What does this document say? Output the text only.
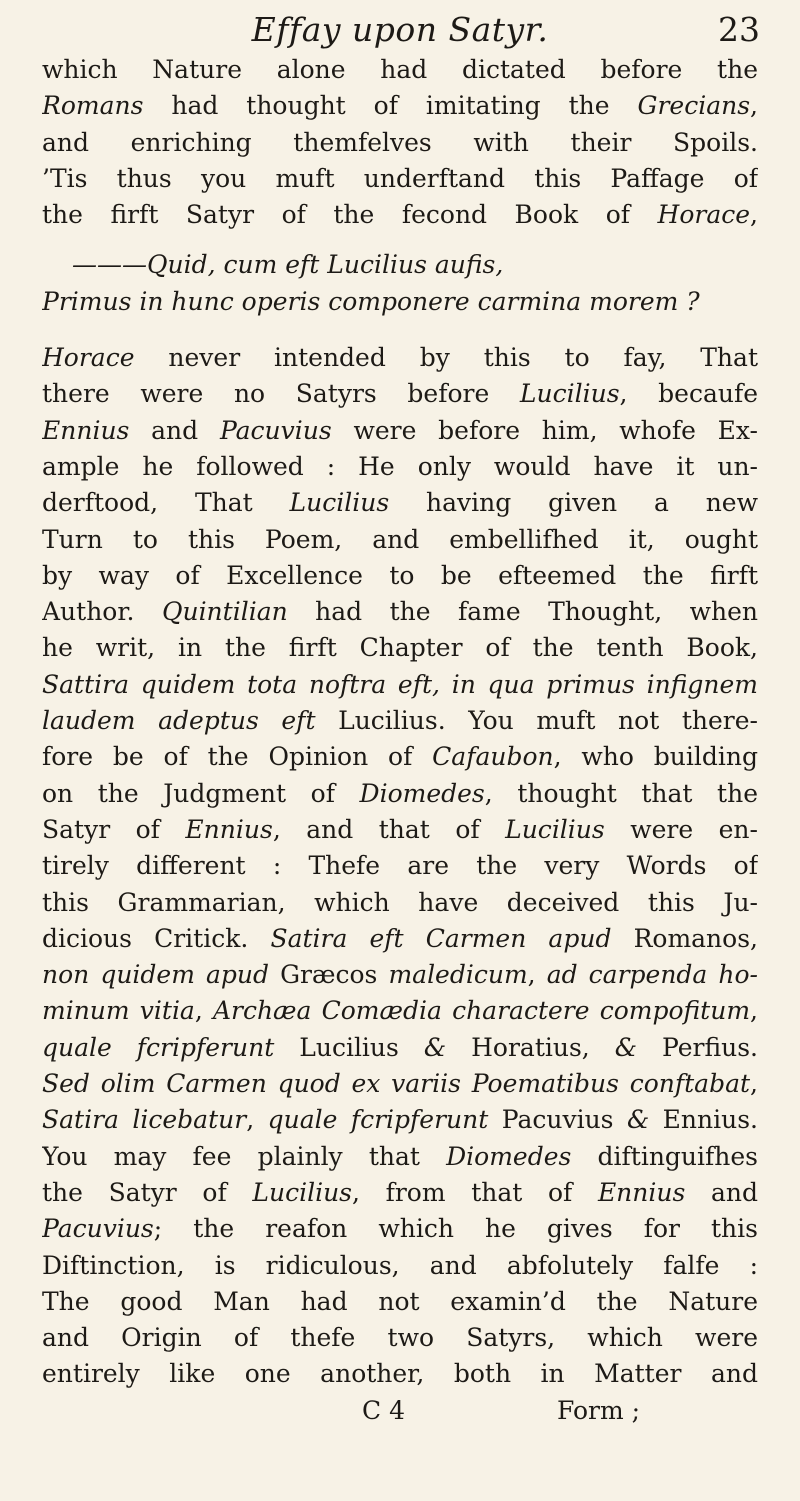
Effay upon Satyr.	23
which Nature alone had dictated before the
Romans had thought of imitating the Grecians,
and enriching themfelves with their Spoils.
’Tis thus you muft underftand this Paffage of
the firft Satyr of the fecond Book of Horace,
———Quid, cum eft Lucilius aufis,
Primus in hunc operis componere carmina morem ?
Horace never intended by this to fay, That
there were no Satyrs before Lucilius, becaufe
Ennius and Pacuvius were before him, whofe Ex-
ample he followed : He only would have it un-
derftood, That Lucilius having given a new
Turn to this Poem, and embellifhed it, ought
by way of Excellence to be efteemed the firft
Author. Quintilian had the fame Thought, when
he writ, in the firft Chapter of the tenth Book,
Sattira quidem tota noftra eft, in qua primus infignem
laudem adeptus eft Lucilius. You muft not there-
fore be of the Opinion of Cafaubon, who building
on the Judgment of Diomedes, thought that the
Satyr of Ennius, and that of Lucilius were en-
tirely different : Thefe are the very Words of
this Grammarian, which have deceived this Ju-
dicious Critick. Satira eft Carmen apud Romanos,
non quidem apud Græcos maledicum, ad carpenda ho-
minum vitia, Archæa Comædia charactere compofitum,
quale fcripferunt Lucilius & Horatius, & Perfius.
Sed olim Carmen quod ex variis Poematibus conftabat,
Satira licebatur, quale fcripferunt Pacuvius & Ennius.
You may fee plainly that Diomedes diftinguifhes
the Satyr of Lucilius, from that of Ennius and
Pacuvius; the reafon which he gives for this
Diftinction, is ridiculous, and abfolutely falfe :
The good Man had not examin’d the Nature
and Origin of thefe two Satyrs, which were
entirely like one another, both in Matter and
C 4	Form ;
